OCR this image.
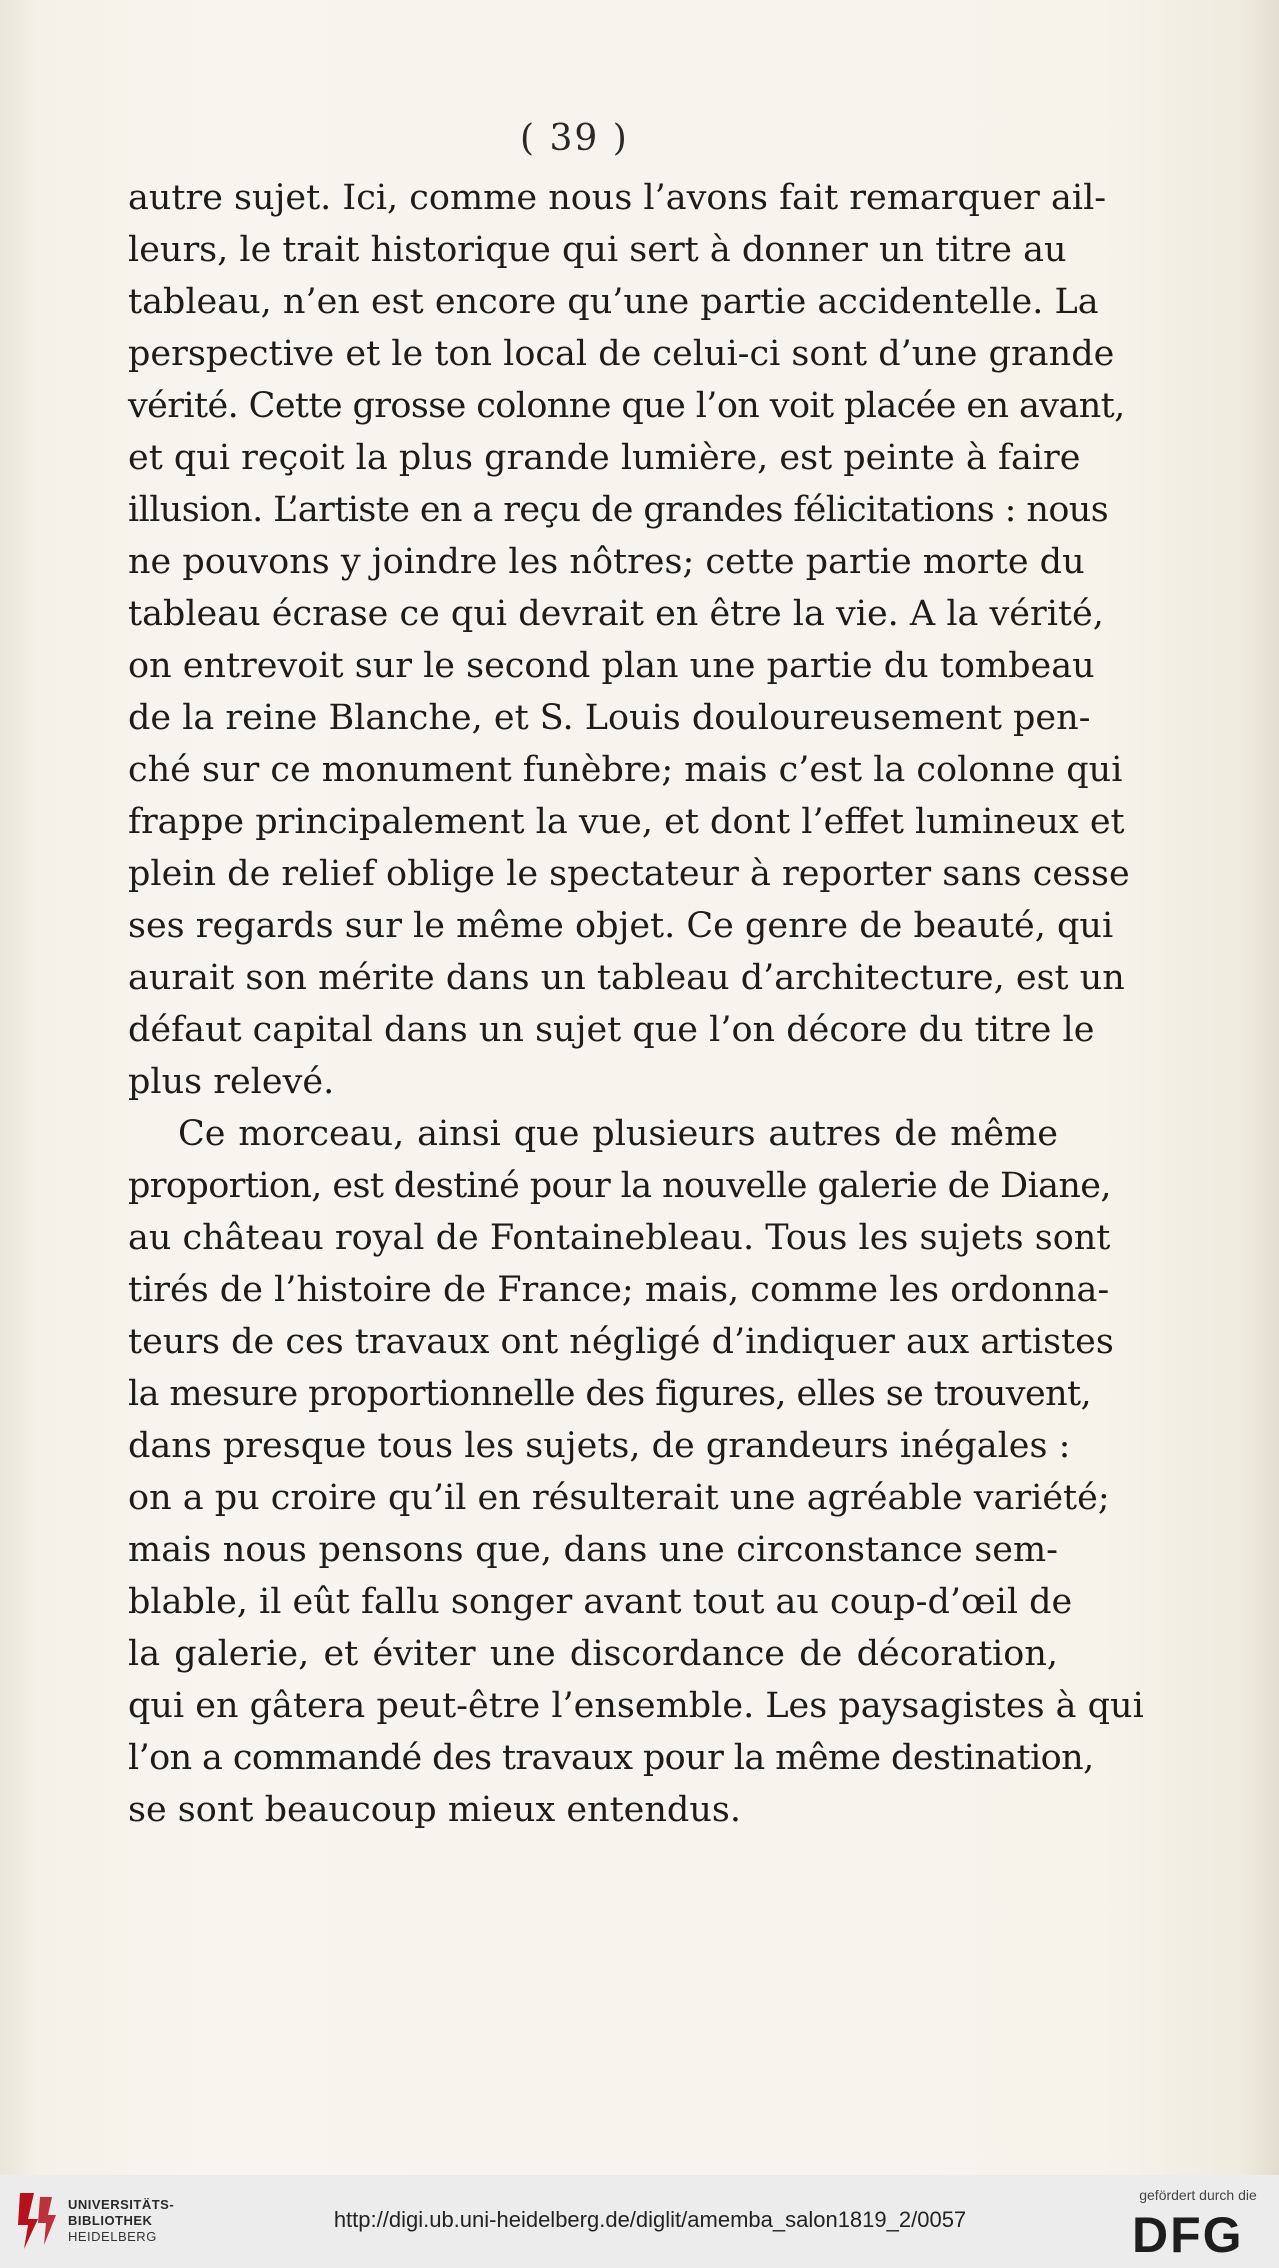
( 39 )
autre sujet. Ici, comme nous l’avons fait remarquer ail-
leurs, le trait historique qui sert à donner un titre au
tableau, n’en est encore qu’une partie accidentelle. La
perspective et le ton local de celui-ci sont d’une grande
vérité. Cette grosse colonne que l’on voit placée en avant,
et qui reçoit la plus grande lumière, est peinte à faire
illusion. L’artiste en a reçu de grandes félicitations : nous
ne pouvons y joindre les nôtres; cette partie morte du
tableau écrase ce qui devrait en être la vie. A la vérité,
on entrevoit sur le second plan une partie du tombeau
de la reine Blanche, et S. Louis douloureusement pen-
ché sur ce monument funèbre; mais c’est la colonne qui
frappe principalement la vue, et dont l’effet lumineux et
plein de relief oblige le spectateur à reporter sans cesse
ses regards sur le même objet. Ce genre de beauté, qui
aurait son mérite dans un tableau d’architecture, est un
défaut capital dans un sujet que l’on décore du titre le
plus relevé.
Ce morceau, ainsi que plusieurs autres de même
proportion, est destiné pour la nouvelle galerie de Diane,
au château royal de Fontainebleau. Tous les sujets sont
tirés de l’histoire de France; mais, comme les ordonna-
teurs de ces travaux ont négligé d’indiquer aux artistes
la mesure proportionnelle des figures, elles se trouvent,
dans presque tous les sujets, de grandeurs inégales :
on a pu croire qu’il en résulterait une agréable variété;
mais nous pensons que, dans une circonstance sem-
blable, il eût fallu songer avant tout au coup-d’œil de
la galerie, et éviter une discordance de décoration,
qui en gâtera peut-être l’ensemble. Les paysagistes à qui
l’on a commandé des travaux pour la même destination,
se sont beaucoup mieux entendus.
UNIVERSITÄTS-
BIBLIOTHEK
HEIDELBERG
http://digi.ub.uni-heidelberg.de/diglit/amemba_salon1819_2/0057
gefördert durch die
DFG
